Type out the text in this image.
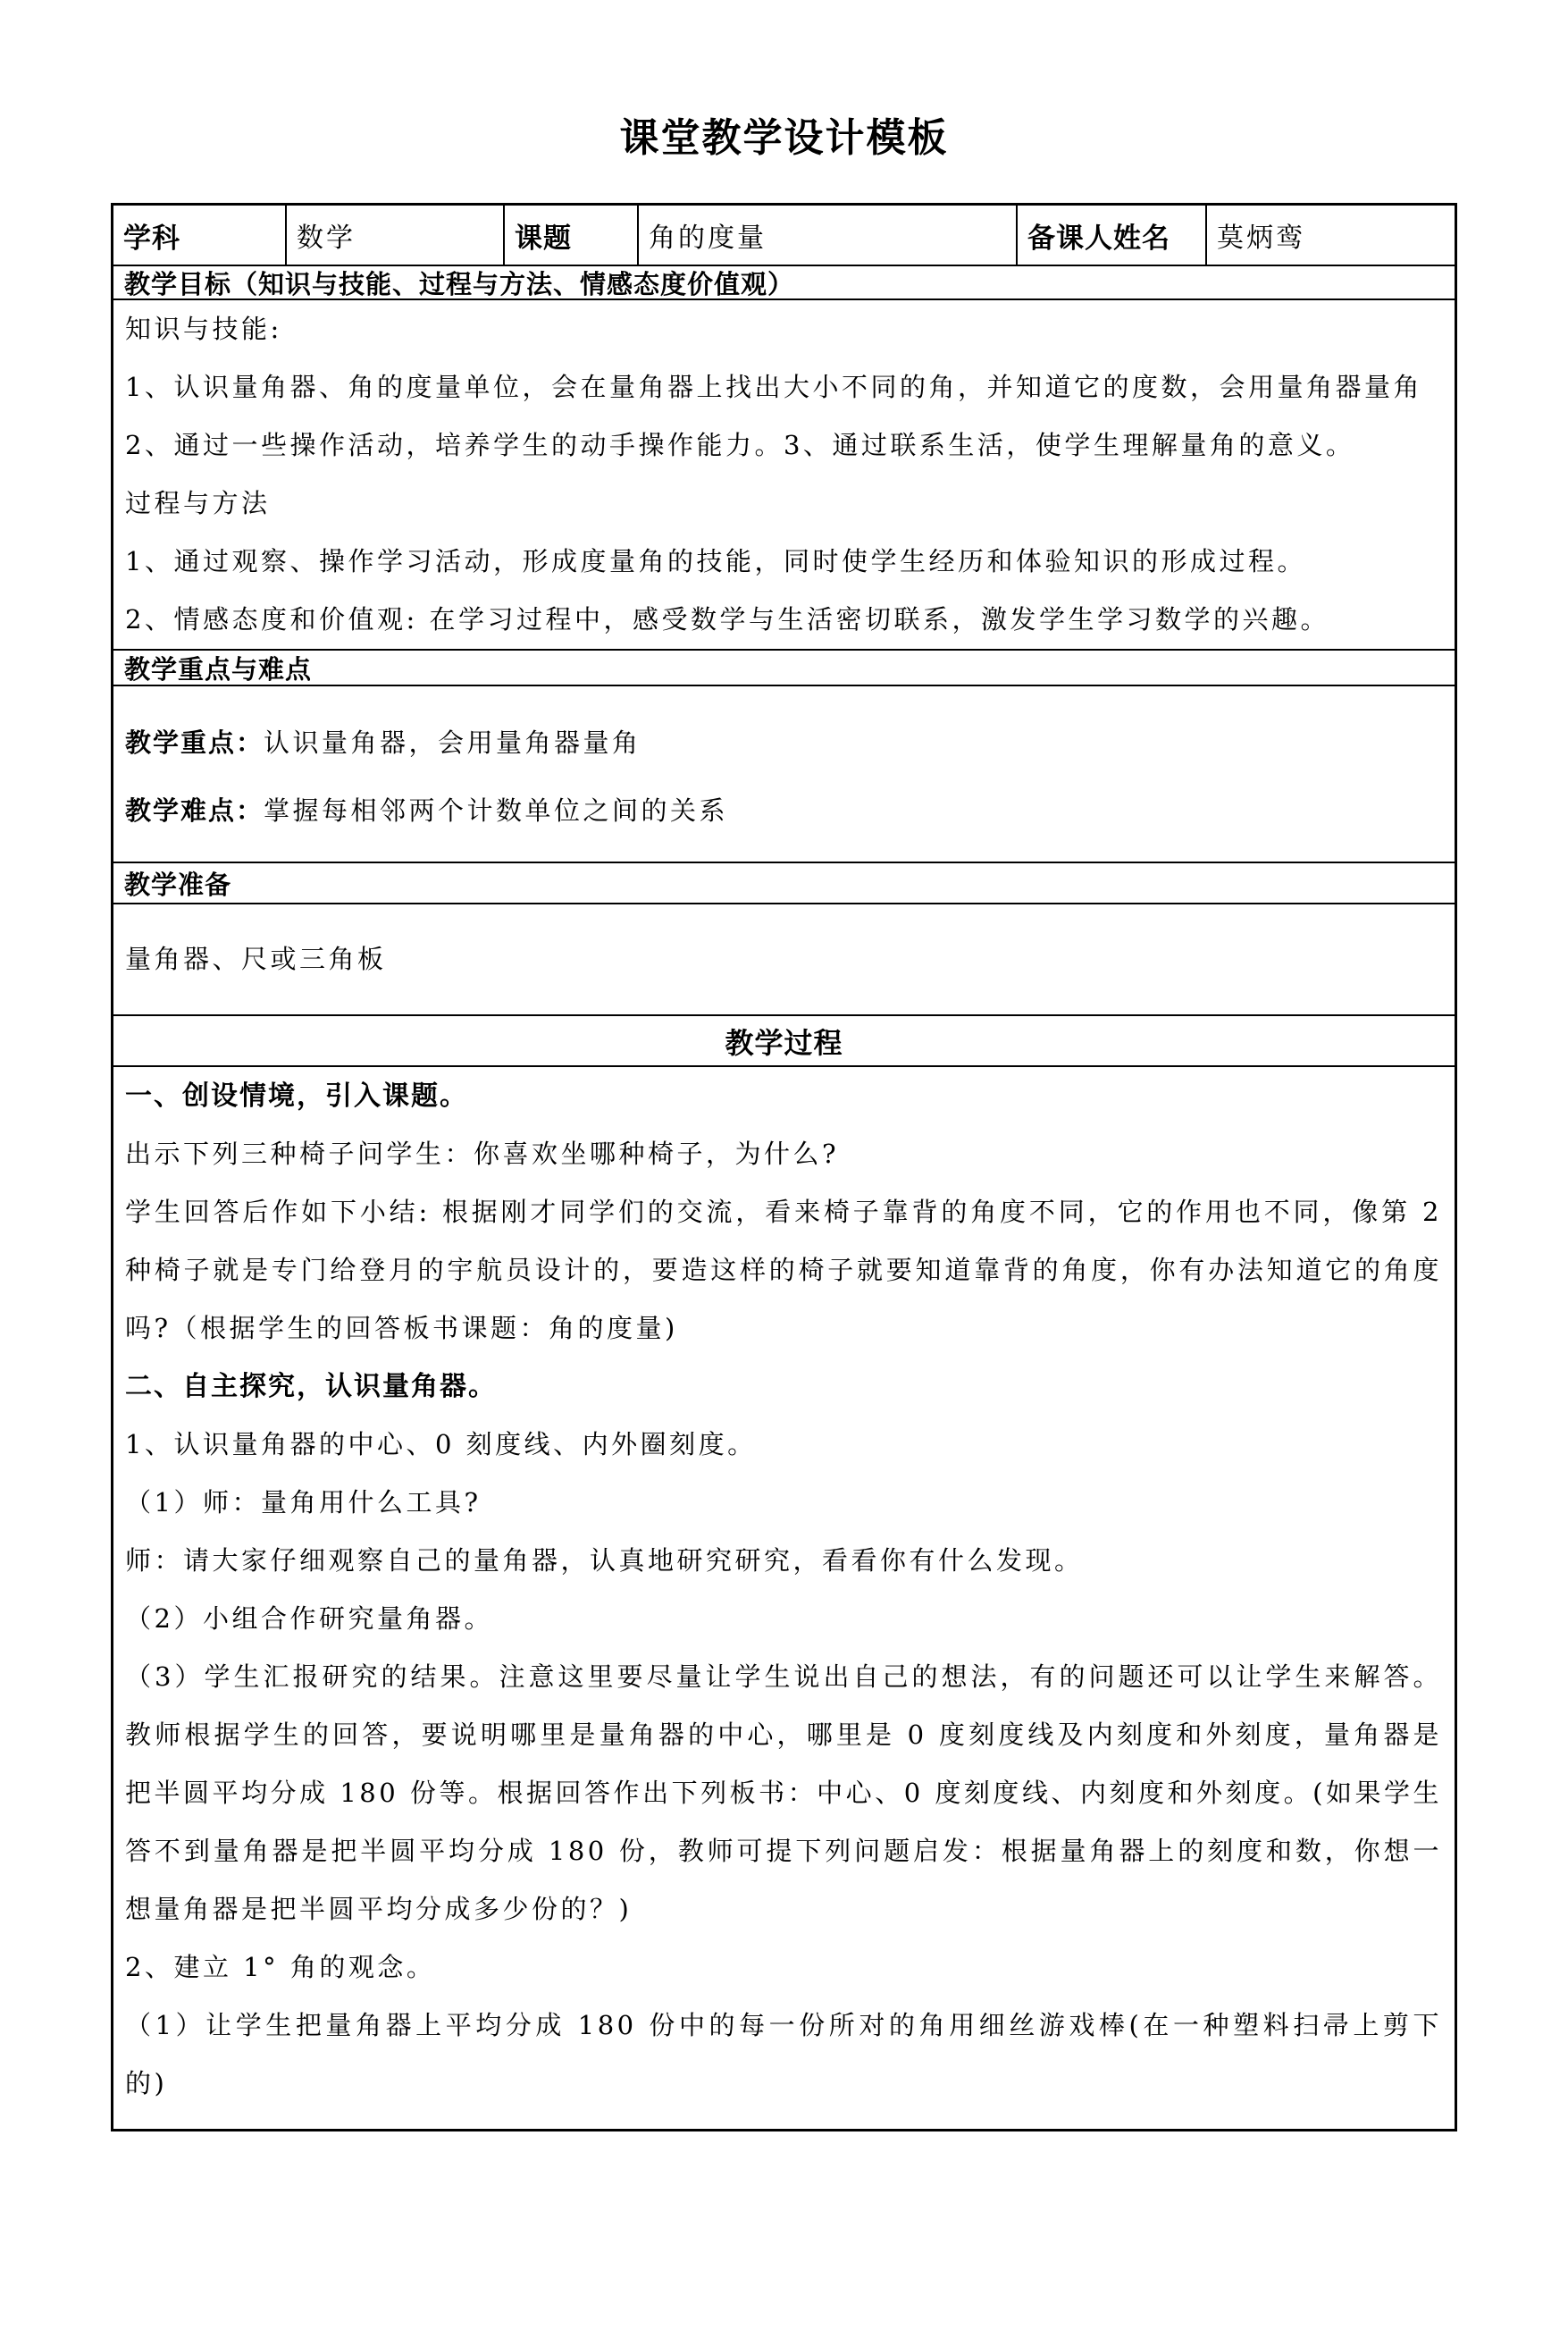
课堂教学设计模板
学科	数学	课题	角的度量	备课人姓名 莫炳鸾
教学目标（知识与技能、过程与方法、情感态度价值观）

知识与技能:

1、认识量角器、角的度量单位，会在量角器上找出大小不同的角，并知道它的度数，会用量角器量角

2、通过一些操作活动，培养学生的动手操作能力。3、通过联系生活，使学生理解量角的意义。

过程与方法

1、通过观察、操作学习活动，形成度量角的技能，同时使学生经历和体验知识的形成过程。

2、情感态度和价值观: 在学习过程中，感受数学与生活密切联系，激发学生学习数学的兴趣。

教学重点与难点

教学重点：认识量角器，会用量角器量角

教学难点：掌握每相邻两个计数单位之间的关系

教学准备

量角器、尺或三角板

教学过程

一、创设情境，引入课题。

出示下列三种椅子问学生：你喜欢坐哪种椅子，为什么?

学生回答后作如下小结: 根据刚才同学们的交流，看来椅子靠背的角度不同，它的作用也不同，像第 2 种椅子就是专门给登月的宇航员设计的，要造这样的椅子就要知道靠背的角度，你有办法知道它的角度吗?（根据学生的回答板书课题：角的度量)

二、自主探究，认识量角器。

1、认识量角器的中心、0 刻度线、内外圈刻度。

（1）师：量角用什么工具?

师：请大家仔细观察自己的量角器，认真地研究研究，看看你有什么发现。

（2）小组合作研究量角器。

（3）学生汇报研究的结果。注意这里要尽量让学生说出自己的想法，有的问题还可以让学生来解答。教师根据学生的回答，要说明哪里是量角器的中心，哪里是 0 度刻度线及内刻度和外刻度，量角器是把半圆平均分成 180 份等。根据回答作出下列板书：中心、0 度刻度线、内刻度和外刻度。(如果学生答不到量角器是把半圆平均分成 180 份，教师可提下列问题启发：根据量角器上的刻度和数，你想一想量角器是把半圆平均分成多少份的？)

2、建立 1° 角的观念。

（1）让学生把量角器上平均分成 180 份中的每一份所对的角用细丝游戏棒(在一种塑料扫帚上剪下的)
